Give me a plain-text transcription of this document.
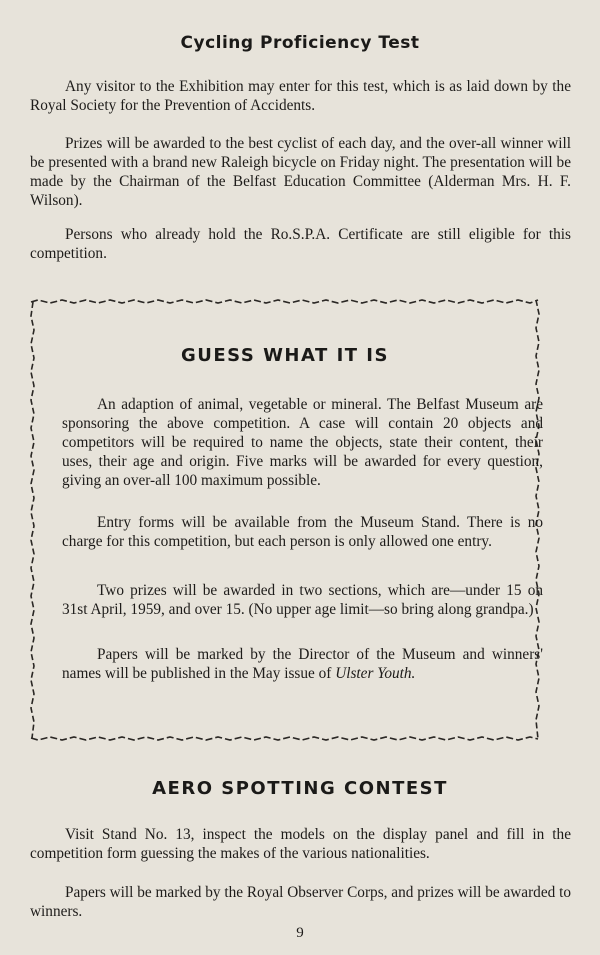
Cycling Proficiency Test

Any visitor to the Exhibition may enter for this test, which is as laid down by the Royal Society for the Prevention of Accidents.

Prizes will be awarded to the best cyclist of each day, and the over-all winner will be presented with a brand new Raleigh bicycle on Friday night. The presentation will be made by the Chairman of the Belfast Education Committee (Alderman Mrs. H. F. Wilson).

Persons who already hold the Ro.S.P.A. Certificate are still eligible for this competition.

GUESS WHAT IT IS

An adaption of animal, vegetable or mineral. The Belfast Museum are sponsoring the above competition. A case will contain 20 objects and competitors will be required to name the objects, state their content, their uses, their age and origin. Five marks will be awarded for every question, giving an over-all 100 maximum possible.

Entry forms will be available from the Museum Stand. There is no charge for this competition, but each person is only allowed one entry.

Two prizes will be awarded in two sections, which are—under 15 on 31st April, 1959, and over 15. (No upper age limit—so bring along grandpa.)

Papers will be marked by the Director of the Museum and winners' names will be published in the May issue of Ulster Youth.

AERO SPOTTING CONTEST

Visit Stand No. 13, inspect the models on the display panel and fill in the competition form guessing the makes of the various nationalities.

Papers will be marked by the Royal Observer Corps, and prizes will be awarded to winners.

9
